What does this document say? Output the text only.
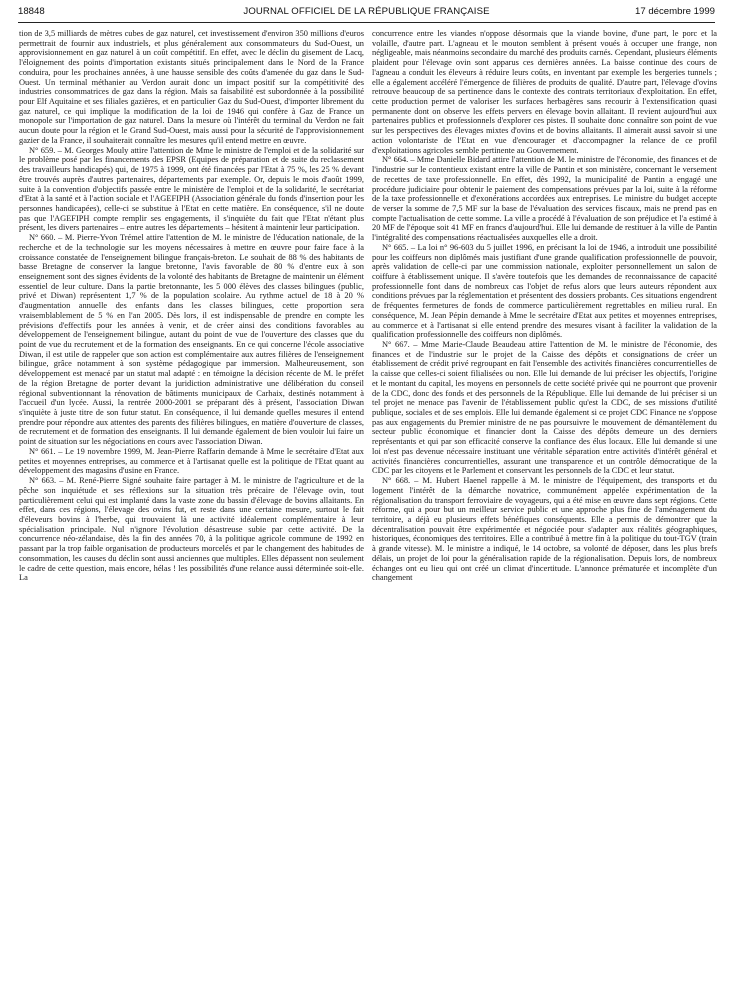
18848	JOURNAL OFFICIEL DE LA RÉPUBLIQUE FRANÇAISE	17 décembre 1999

tion de 3,5 milliards de mètres cubes de gaz naturel, cet investissement d'environ 350 millions d'euros permettrait de fournir aux industriels, et plus généralement aux consommateurs du Sud-Ouest, un approvisionnement en gaz naturel à un coût compétitif. En effet, avec le déclin du gisement de Lacq, l'éloignement des points d'importation existants situés principalement dans le Nord de la France conduira, pour les prochaines années, à une hausse sensible des coûts d'amenée du gaz dans le Sud-Ouest. Un terminal méthanier au Verdon aurait donc un impact positif sur la compétitivité des industries consommatrices de gaz dans la région. Mais sa faisabilité est subordonnée à la possibilité pour Elf Aquitaine et ses filiales gazières, et en particulier Gaz du Sud-Ouest, d'importer librement du gaz naturel, ce qui implique la modification de la loi de 1946 qui confère à Gaz de France un monopole sur l'importation de gaz naturel. Dans la mesure où l'intérêt du terminal du Verdon ne fait aucun doute pour la région et le Grand Sud-Ouest, mais aussi pour la sécurité de l'approvisionnement gazier de la France, il souhaiterait connaître les mesures qu'il entend mettre en œuvre.

N° 659. – M. Georges Mouly attire l'attention de Mme le ministre de l'emploi et de la solidarité sur le problème posé par les financements des EPSR (Equipes de préparation et de suite du reclassement des travailleurs handicapés) qui, de 1975 à 1999, ont été financées par l'Etat à 75 %, les 25 % devant être trouvés auprès d'autres partenaires, départements par exemple. Or, depuis le mois d'août 1999, suite à la convention d'objectifs passée entre le ministère de l'emploi et de la solidarité, le secrétariat d'Etat à la santé et à l'action sociale et l'AGEFIPH (Association générale du fonds d'insertion pour les personnes handicapées), celle-ci se substitue à l'Etat en cette matière. En conséquence, s'il ne doute pas que l'AGEFIPH compte remplir ses engagements, il s'inquiète du fait que l'Etat n'étant plus présent, les divers partenaires – entre autres les départements – hésitent à maintenir leur participation.

N° 660. – M. Pierre-Yvon Trémel attire l'attention de M. le ministre de l'éducation nationale, de la recherche et de la technologie sur les moyens nécessaires à mettre en œuvre pour faire face à la croissance constatée de l'enseignement bilingue français-breton. Le souhait de 88 % des habitants de basse Bretagne de conserver la langue bretonne, l'avis favorable de 80 % d'entre eux à son enseignement sont des signes évidents de la volonté des habitants de Bretagne de maintenir un élément essentiel de leur culture. Dans la partie bretonnante, les 5 000 élèves des classes bilingues (public, privé et Diwan) représentent 1,7 % de la population scolaire. Au rythme actuel de 18 à 20 % d'augmentation annuelle des enfants dans les classes bilingues, cette proportion sera vraisemblablement de 5 % en l'an 2005. Dès lors, il est indispensable de prendre en compte les prévisions d'effectifs pour les années à venir, et de créer ainsi des conditions favorables au développement de l'enseignement bilingue, autant du point de vue de l'ouverture des classes que du point de vue du recrutement et de la formation des enseignants. En ce qui concerne l'école associative Diwan, il est utile de rappeler que son action est complémentaire aux autres filières de l'enseignement bilingue, grâce notamment à son système pédagogique par immersion. Malheureusement, son développement est menacé par un statut mal adapté : en témoigne la décision récente de M. le préfet de la région Bretagne de porter devant la juridiction administrative une délibération du conseil régional subventionnant la rénovation de bâtiments municipaux de Carhaix, destinés notamment à l'accueil d'un lycée. Aussi, la rentrée 2000-2001 se préparant dès à présent, l'association Diwan s'inquiète à juste titre de son futur statut. En conséquence, il lui demande quelles mesures il entend prendre pour répondre aux attentes des parents des filières bilingues, en matière d'ouverture de classes, de recrutement et de formation des enseignants. Il lui demande également de bien vouloir lui faire un point de situation sur les négociations en cours avec l'association Diwan.

N° 661. – Le 19 novembre 1999, M. Jean-Pierre Raffarin demande à Mme le secrétaire d'Etat aux petites et moyennes entreprises, au commerce et à l'artisanat quelle est la politique de l'Etat quant au développement des magasins d'usine en France.

N° 663. – M. René-Pierre Signé souhaite faire partager à M. le ministre de l'agriculture et de la pêche son inquiétude et ses réflexions sur la situation très précaire de l'élevage ovin, tout particulièrement celui qui est implanté dans la vaste zone du bassin d'élevage de bovins allaitants. En effet, dans ces régions, l'élevage des ovins fut, et reste dans une certaine mesure, surtout le fait d'éleveurs bovins à l'herbe, qui trouvaient là une activité idéalement complémentaire à leur spécialisation principale. Nul n'ignore l'évolution désastreuse subie par cette activité. De la concurrence néo-zélandaise, dès la fin des années 70, à la politique agricole commune de 1992 en passant par la trop faible organisation de producteurs morcelés et par le changement des habitudes de consommation, les causes du déclin sont aussi anciennes que multiples. Elles dépassent non seulement le cadre de cette question, mais encore, hélas ! les possibilités d'une relance aussi déterminée soit-elle. La

concurrence entre les viandes n'oppose désormais que la viande bovine, d'une part, le porc et la volaille, d'autre part. L'agneau et le mouton semblent à présent voués à occuper une frange, non négligeable, mais néanmoins secondaire du marché des produits carnés. Cependant, plusieurs éléments plaident pour l'élevage ovin sont apparus ces dernières années. La baisse continue des cours de l'agneau a conduit les éleveurs à réduire leurs coûts, en inventant par exemple les bergeries tunnels ; elle a également accéléré l'émergence de filières de produits de qualité. D'autre part, l'élevage d'ovins retrouve beaucoup de sa pertinence dans le contexte des contrats territoriaux d'exploitation. En effet, cette production permet de valoriser les surfaces herbagères sans recourir à l'extensification quasi permanente dont on observe les effets pervers en élevage bovin allaitant. Il revient aujourd'hui aux partenaires publics et professionnels d'explorer ces pistes. Il souhaite donc connaître son point de vue sur les perspectives des élevages mixtes d'ovins et de bovins allaitants. Il aimerait aussi savoir si une action volontariste de l'Etat en vue d'encourager et d'accompagner la relance de ce profil d'exploitations agricoles semble pertinente au Gouvernement.

N° 664. – Mme Danielle Bidard attire l'attention de M. le ministre de l'économie, des finances et de l'industrie sur le contentieux existant entre la ville de Pantin et son ministère, concernant le versement de recettes de taxe professionnelle. En effet, dès 1992, la municipalité de Pantin a engagé une procédure judiciaire pour obtenir le paiement des compensations prévues par la loi, suite à la réforme de la taxe professionnelle et d'exonérations accordées aux entreprises. Le ministre du budget accepte de verser la somme de 7,5 MF sur la base de l'évaluation des services fiscaux, mais ne prend pas en compte l'actualisation de cette somme. La ville a procédé à l'évaluation de son préjudice et l'a estimé à 20 MF de l'époque soit 41 MF en francs d'aujourd'hui. Elle lui demande de restituer à la ville de Pantin l'intégralité des compensations réactualisées auxquelles elle a droit.

N° 665. – La loi n° 96-603 du 5 juillet 1996, en précisant la loi de 1946, a introduit une possibilité pour les coiffeurs non diplômés mais justifiant d'une grande qualification professionnelle de pouvoir, après validation de celle-ci par une commission nationale, exploiter personnellement un salon de coiffure à établissement unique. Il s'avère toutefois que les demandes de reconnaissance de capacité professionnelle font dans de nombreux cas l'objet de refus alors que leurs auteurs répondent aux conditions prévues par la réglementation et présentent des dossiers probants. Ces situations engendrent de fréquentes fermetures de fonds de commerce particulièrement regrettables en milieu rural. En conséquence, M. Jean Pépin demande à Mme le secrétaire d'Etat aux petites et moyennes entreprises, au commerce et à l'artisanat si elle entend prendre des mesures visant à faciliter la validation de la qualification professionnelle des coiffeurs non diplômés.

N° 667. – Mme Marie-Claude Beaudeau attire l'attention de M. le ministre de l'économie, des finances et de l'industrie sur le projet de la Caisse des dépôts et consignations de créer un établissement de crédit privé regroupant en fait l'ensemble des activités financières concurrentielles de la caisse que celles-ci soient filialisées ou non. Elle lui demande de lui préciser les objectifs, l'origine et le montant du capital, les moyens en personnels de cette société privée qui ne pourront que provenir de la CDC, donc des fonds et des personnels de la République. Elle lui demande de lui préciser si un tel projet ne menace pas l'avenir de l'établissement public qu'est la CDC, de ses missions d'utilité publique, sociales et de ses emplois. Elle lui demande également si ce projet CDC Finance ne s'oppose pas aux engagements du Premier ministre de ne pas poursuivre le mouvement de démantèlement du secteur public économique et financier dont la Caisse des dépôts demeure un des derniers représentants et qui par son efficacité conserve la confiance des élus locaux. Elle lui demande si une loi n'est pas devenue nécessaire instituant une véritable séparation entre activités d'intérêt général et activités financières concurrentielles, assurant une transparence et un contrôle démocratique de la CDC par les citoyens et le Parlement et conservant les personnels de la CDC et leur statut.

N° 668. – M. Hubert Haenel rappelle à M. le ministre de l'équipement, des transports et du logement l'intérêt de la démarche novatrice, communément appelée expérimentation de la régionalisation du transport ferroviaire de voyageurs, qui a été mise en œuvre dans sept régions. Cette réforme, qui a pour but un meilleur service public et une approche plus fine de l'aménagement du territoire, a déjà eu plusieurs effets bénéfiques conséquents. Elle a permis de démontrer que la décentralisation pouvait être expérimentée et négociée pour s'adapter aux réalités géographiques, historiques, économiques des territoires. Elle a contribué à mettre fin à la politique du tout-TGV (train à grande vitesse). M. le ministre a indiqué, le 14 octobre, sa volonté de déposer, dans les plus brefs délais, un projet de loi pour la généralisation rapide de la régionalisation. Depuis lors, de nombreux échanges ont eu lieu qui ont créé un climat d'incertitude. L'annonce prématurée et incomplète d'un changement
